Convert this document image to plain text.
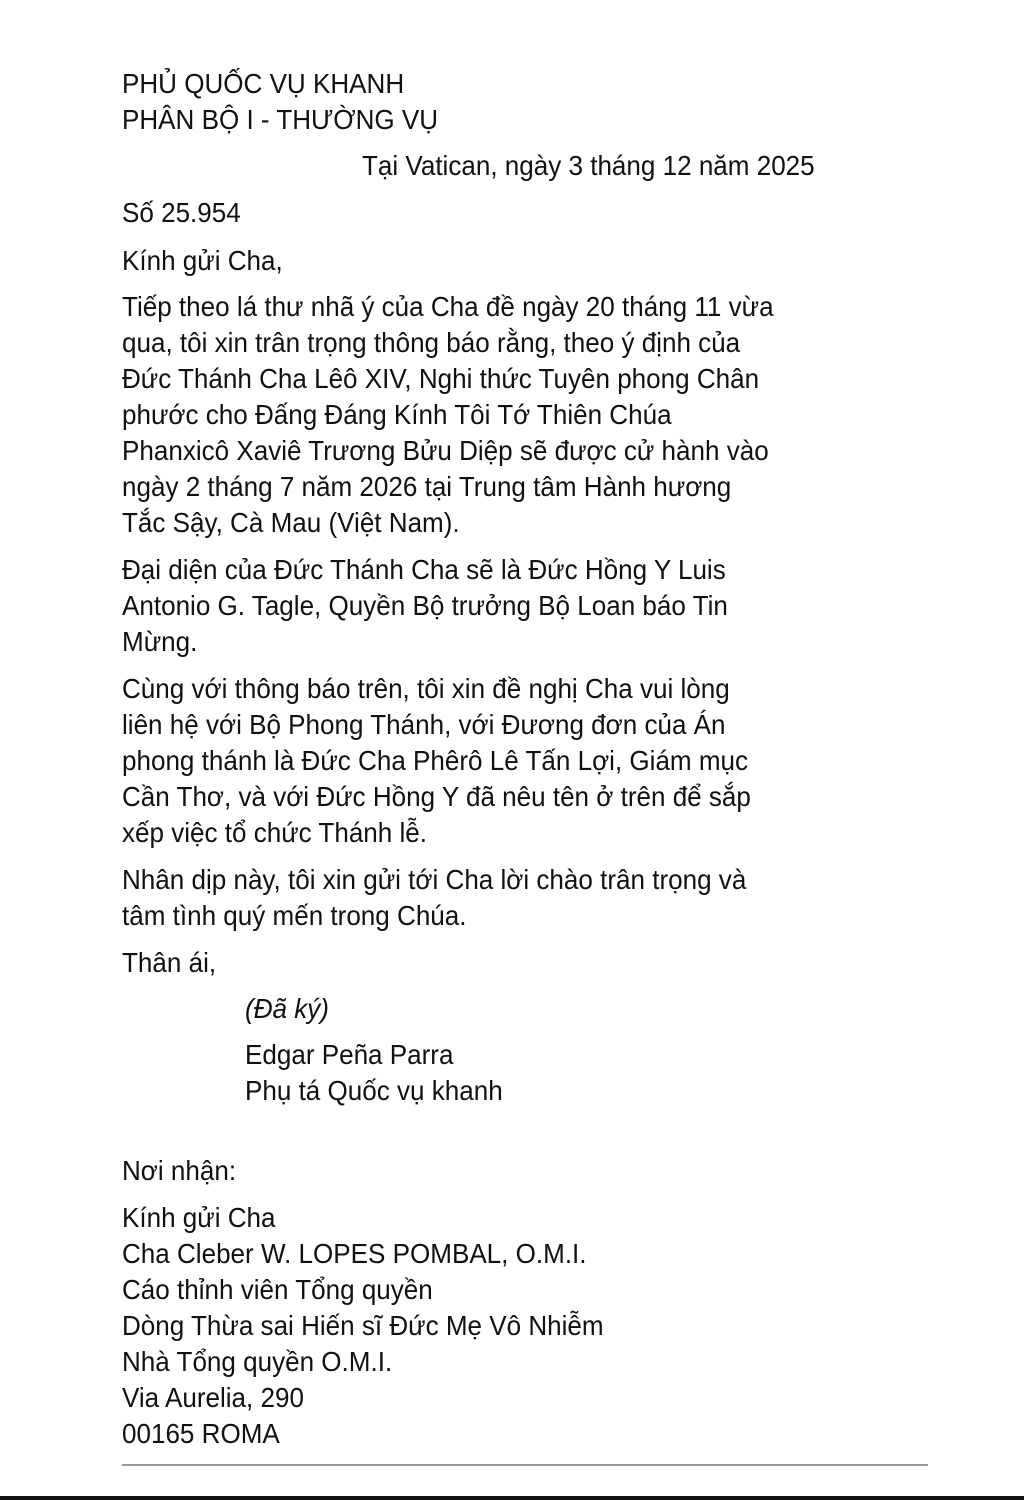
PHỦ QUỐC VỤ KHANH
PHÂN BỘ I - THƯỜNG VỤ
Tại Vatican, ngày 3 tháng 12 năm 2025
Số 25.954
Kính gửi Cha,
Tiếp theo lá thư nhã ý của Cha đề ngày 20 tháng 11 vừa
qua, tôi xin trân trọng thông báo rằng, theo ý định của
Đức Thánh Cha Lêô XIV, Nghi thức Tuyên phong Chân
phước cho Đấng Đáng Kính Tôi Tớ Thiên Chúa
Phanxicô Xaviê Trương Bửu Diệp sẽ được cử hành vào
ngày 2 tháng 7 năm 2026 tại Trung tâm Hành hương
Tắc Sậy, Cà Mau (Việt Nam).
Đại diện của Đức Thánh Cha sẽ là Đức Hồng Y Luis
Antonio G. Tagle, Quyền Bộ trưởng Bộ Loan báo Tin
Mừng.
Cùng với thông báo trên, tôi xin đề nghị Cha vui lòng
liên hệ với Bộ Phong Thánh, với Đương đơn của Án
phong thánh là Đức Cha Phêrô Lê Tấn Lợi, Giám mục
Cần Thơ, và với Đức Hồng Y đã nêu tên ở trên để sắp
xếp việc tổ chức Thánh lễ.
Nhân dịp này, tôi xin gửi tới Cha lời chào trân trọng và
tâm tình quý mến trong Chúa.
Thân ái,
(Đã ký)
Edgar Peña Parra
Phụ tá Quốc vụ khanh
Nơi nhận:
Kính gửi Cha
Cha Cleber W. LOPES POMBAL, O.M.I.
Cáo thỉnh viên Tổng quyền
Dòng Thừa sai Hiến sĩ Đức Mẹ Vô Nhiễm
Nhà Tổng quyền O.M.I.
Via Aurelia, 290
00165 ROMA
